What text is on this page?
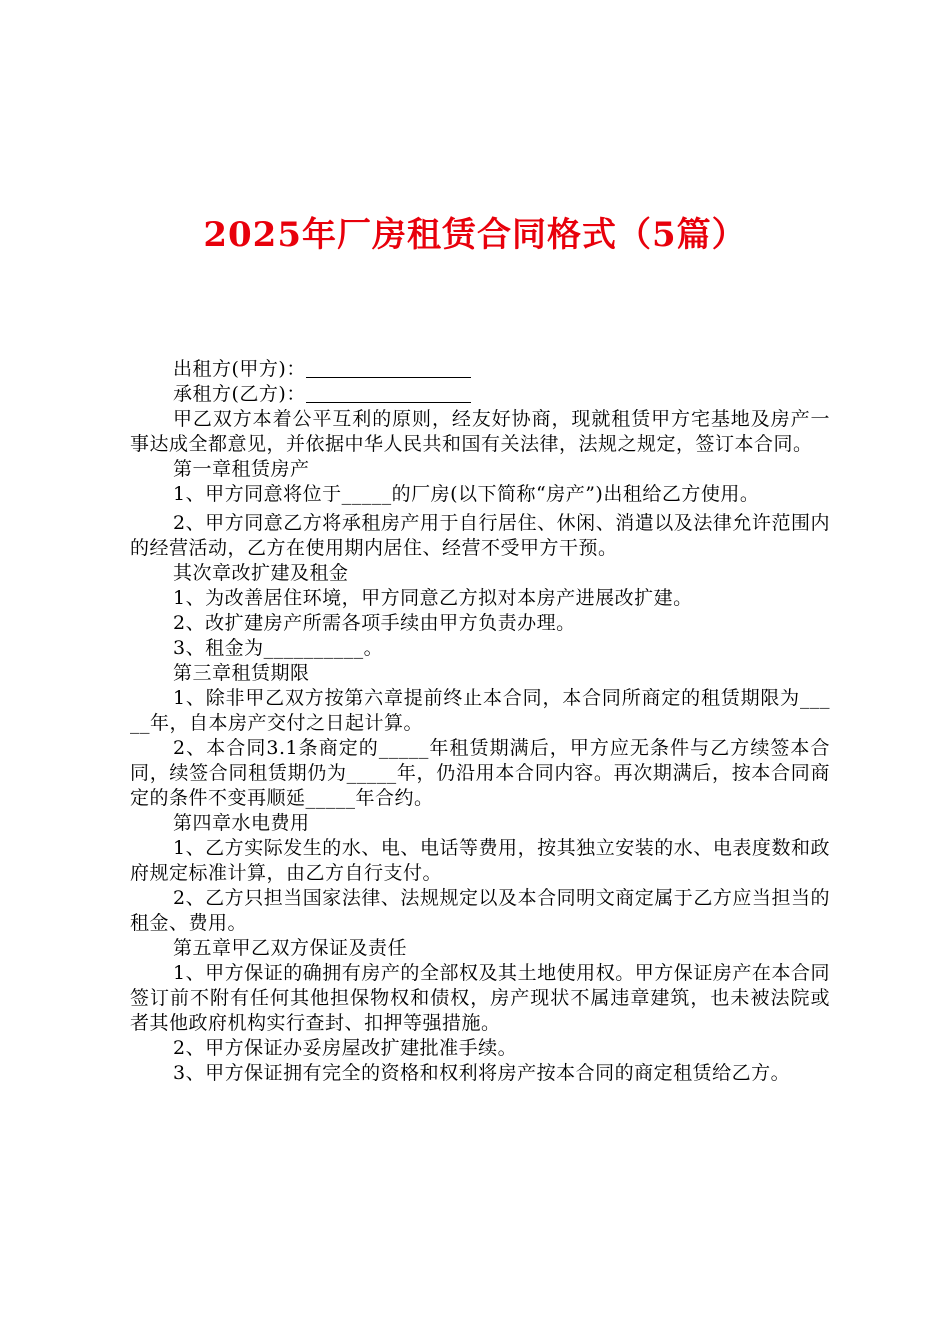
2025年厂房租赁合同格式（5篇）

出租方(甲方)：

承租方(乙方)：

甲乙双方本着公平互利的原则，经友好协商，现就租赁甲方宅基地及房产一事达成全都意见，并依据中华人民共和国有关法律，法规之规定，签订本合同。

第一章租赁房产

1、甲方同意将位于_____的厂房(以下简称“房产”)出租给乙方使用。

2、甲方同意乙方将承租房产用于自行居住、休闲、消遣以及法律允许范围内的经营活动，乙方在使用期内居住、经营不受甲方干预。

其次章改扩建及租金

1、为改善居住环境，甲方同意乙方拟对本房产进展改扩建。

2、改扩建房产所需各项手续由甲方负责办理。

3、租金为__________。

第三章租赁期限

1、除非甲乙双方按第六章提前终止本合同，本合同所商定的租赁期限为_____年，自本房产交付之日起计算。

2、本合同3.1条商定的_____年租赁期满后，甲方应无条件与乙方续签本合同，续签合同租赁期仍为_____年，仍沿用本合同内容。再次期满后，按本合同商定的条件不变再顺延_____年合约。

第四章水电费用

1、乙方实际发生的水、电、电话等费用，按其独立安装的水、电表度数和政府规定标准计算，由乙方自行支付。

2、乙方只担当国家法律、法规规定以及本合同明文商定属于乙方应当担当的租金、费用。

第五章甲乙双方保证及责任

1、甲方保证的确拥有房产的全部权及其土地使用权。甲方保证房产在本合同签订前不附有任何其他担保物权和债权，房产现状不属违章建筑，也未被法院或者其他政府机构实行查封、扣押等强措施。

2、甲方保证办妥房屋改扩建批准手续。

3、甲方保证拥有完全的资格和权利将房产按本合同的商定租赁给乙方。
